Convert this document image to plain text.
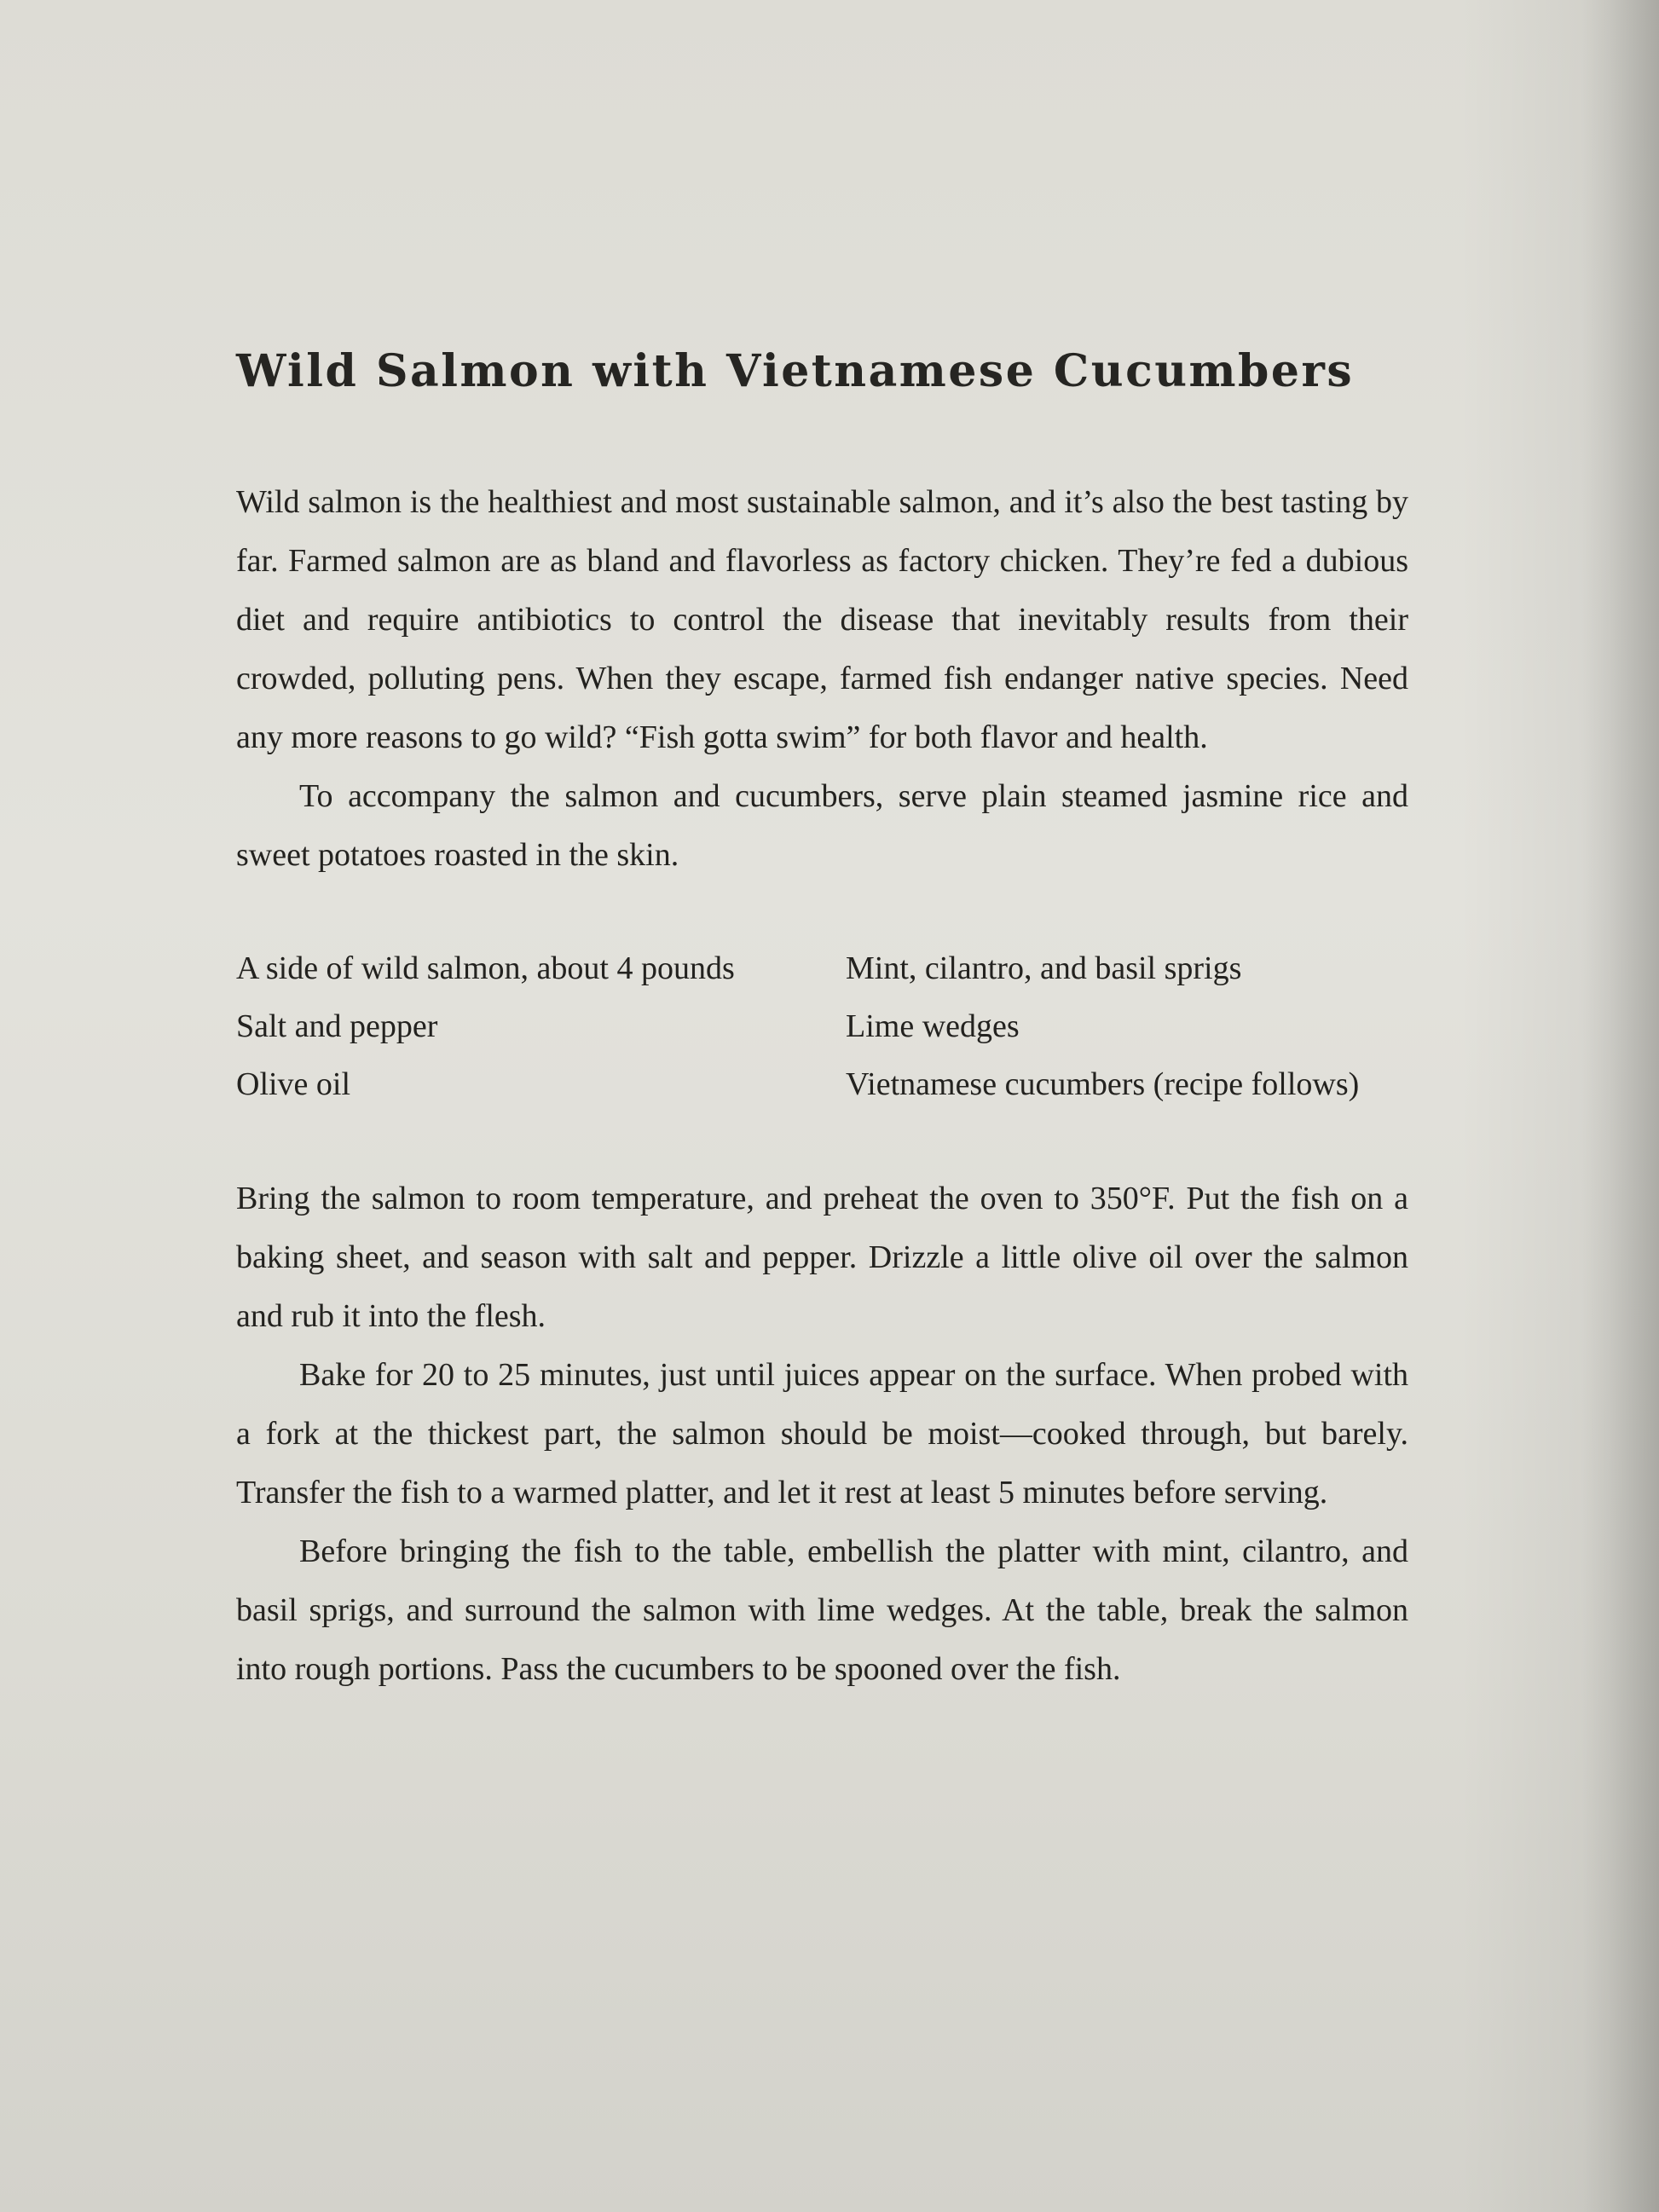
Wild Salmon with Vietnamese Cucumbers

Wild salmon is the healthiest and most sustainable salmon, and it’s also the best tasting by far. Farmed salmon are as bland and flavorless as factory chicken. They’re fed a dubious diet and require antibiotics to control the disease that inevitably results from their crowded, polluting pens. When they escape, farmed fish endanger native species. Need any more reasons to go wild? “Fish gotta swim” for both flavor and health.

To accompany the salmon and cucumbers, serve plain steamed jasmine rice and sweet potatoes roasted in the skin.

A side of wild salmon, about 4 pounds
Salt and pepper
Olive oil
Mint, cilantro, and basil sprigs
Lime wedges
Vietnamese cucumbers (recipe follows)

Bring the salmon to room temperature, and preheat the oven to 350°F. Put the fish on a baking sheet, and season with salt and pepper. Drizzle a little olive oil over the salmon and rub it into the flesh.

Bake for 20 to 25 minutes, just until juices appear on the surface. When probed with a fork at the thickest part, the salmon should be moist—cooked through, but barely. Transfer the fish to a warmed platter, and let it rest at least 5 minutes before serving.

Before bringing the fish to the table, embellish the platter with mint, cilantro, and basil sprigs, and surround the salmon with lime wedges. At the table, break the salmon into rough portions. Pass the cucumbers to be spooned over the fish.
